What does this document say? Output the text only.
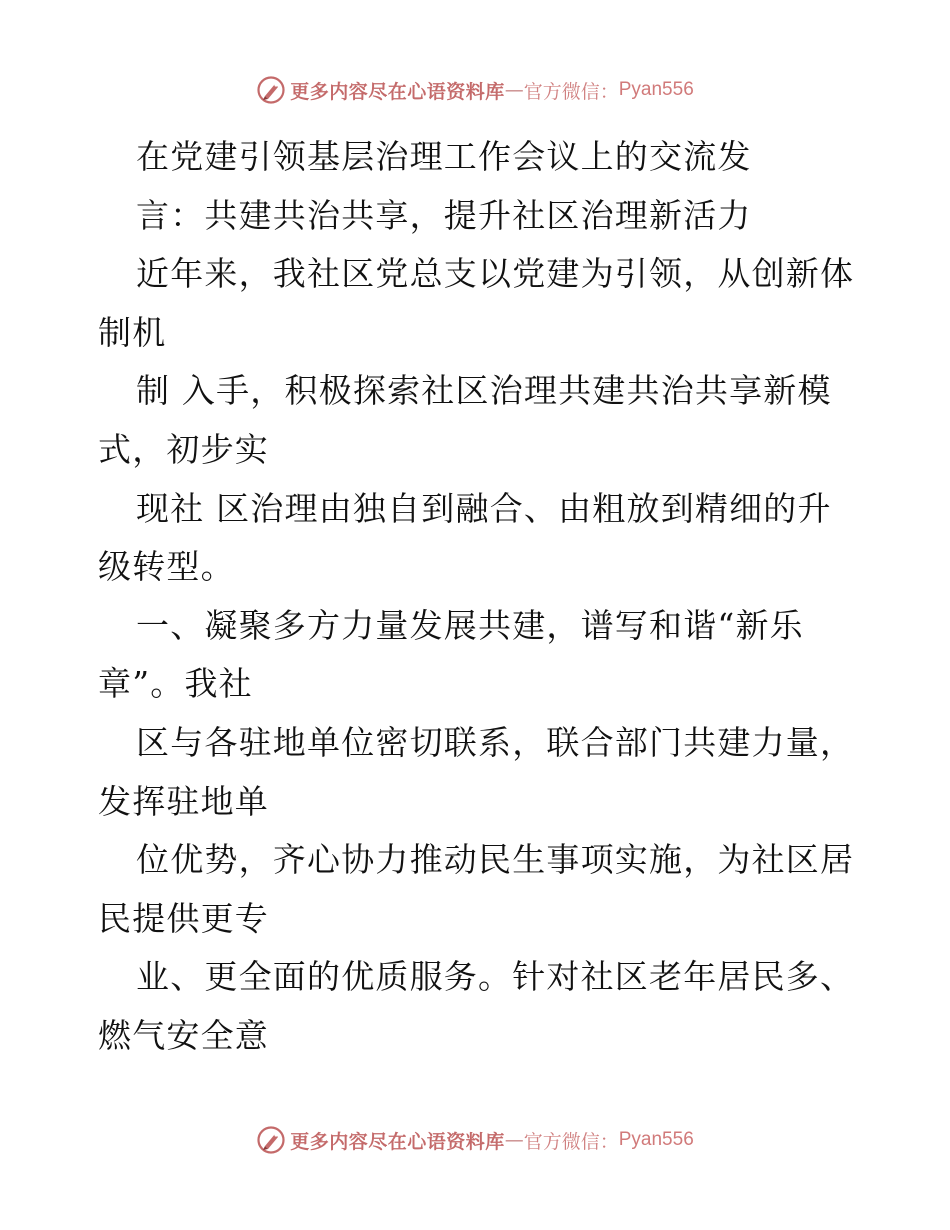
更多内容尽在心语资料库 — 官方微信： Pyan556
在党建引领基层治理工作会议上的交流发
言：共建共治共享，提升社区治理新活力
近年来，我社区党总支以党建为引领，从创新体
制机
制 入手，积极探索社区治理共建共治共享新模
式，初步实
现社 区治理由独自到融合、由粗放到精细的升
级转型。
一、凝聚多方力量发展共建，谱写和谐“新乐
章”。我社
区与各驻地单位密切联系，联合部门共建力量，
发挥驻地单
位优势，齐心协力推动民生事项实施，为社区居
民提供更专
业、更全面的优质服务。针对社区老年居民多、
燃气安全意
更多内容尽在心语资料库 — 官方微信： Pyan556
